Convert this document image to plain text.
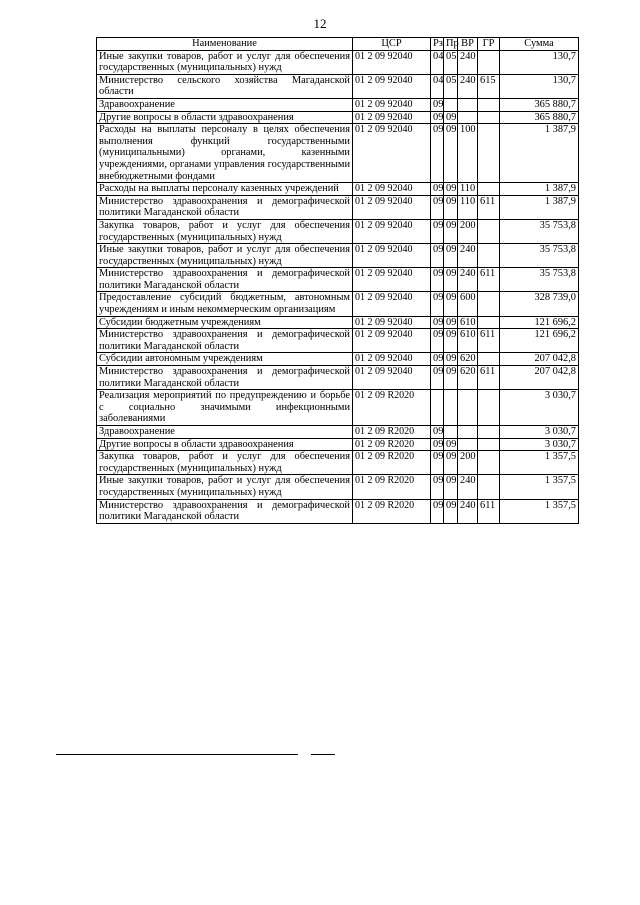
12
Наименование	ЦСР	Рз	Пр	ВР	ГР	Сумма
Иные закупки товаров, работ и услуг для обеспечения государственных (муниципальных) нужд	01 2 09 92040	04	05	240		130,7
Министерство сельского хозяйства Магаданской области	01 2 09 92040	04	05	240	615	130,7
Здравоохранение	01 2 09 92040	09				365 880,7
Другие вопросы в области здравоохранения	01 2 09 92040	09	09			365 880,7
Расходы на выплаты персоналу в целях обеспечения выполнения функций государственными (муниципальными) органами, казенными учреждениями, органами управления государственными внебюджетными фондами	01 2 09 92040	09	09	100		1 387,9
Расходы на выплаты персоналу казенных учреждений	01 2 09 92040	09	09	110		1 387,9
Министерство здравоохранения и демографической политики Магаданской области	01 2 09 92040	09	09	110	611	1 387,9
Закупка товаров, работ и услуг для обеспечения государственных (муниципальных) нужд	01 2 09 92040	09	09	200		35 753,8
Иные закупки товаров, работ и услуг для обеспечения государственных (муниципальных) нужд	01 2 09 92040	09	09	240		35 753,8
Министерство здравоохранения и демографической политики Магаданской области	01 2 09 92040	09	09	240	611	35 753,8
Предоставление субсидий бюджетным, автономным учреждениям и иным некоммерческим организациям	01 2 09 92040	09	09	600		328 739,0
Субсидии бюджетным учреждениям	01 2 09 92040	09	09	610		121 696,2
Министерство здравоохранения и демографической политики Магаданской области	01 2 09 92040	09	09	610	611	121 696,2
Субсидии автономным учреждениям	01 2 09 92040	09	09	620		207 042,8
Министерство здравоохранения и демографической политики Магаданской области	01 2 09 92040	09	09	620	611	207 042,8
Реализация мероприятий по предупреждению и борьбе с социально значимыми инфекционными заболеваниями	01 2 09 R2020					3 030,7
Здравоохранение	01 2 09 R2020	09				3 030,7
Другие вопросы в области здравоохранения	01 2 09 R2020	09	09			3 030,7
Закупка товаров, работ и услуг для обеспечения государственных (муниципальных) нужд	01 2 09 R2020	09	09	200		1 357,5
Иные закупки товаров, работ и услуг для обеспечения государственных (муниципальных) нужд	01 2 09 R2020	09	09	240		1 357,5
Министерство здравоохранения и демографической политики Магаданской области	01 2 09 R2020	09	09	240	611	1 357,5
